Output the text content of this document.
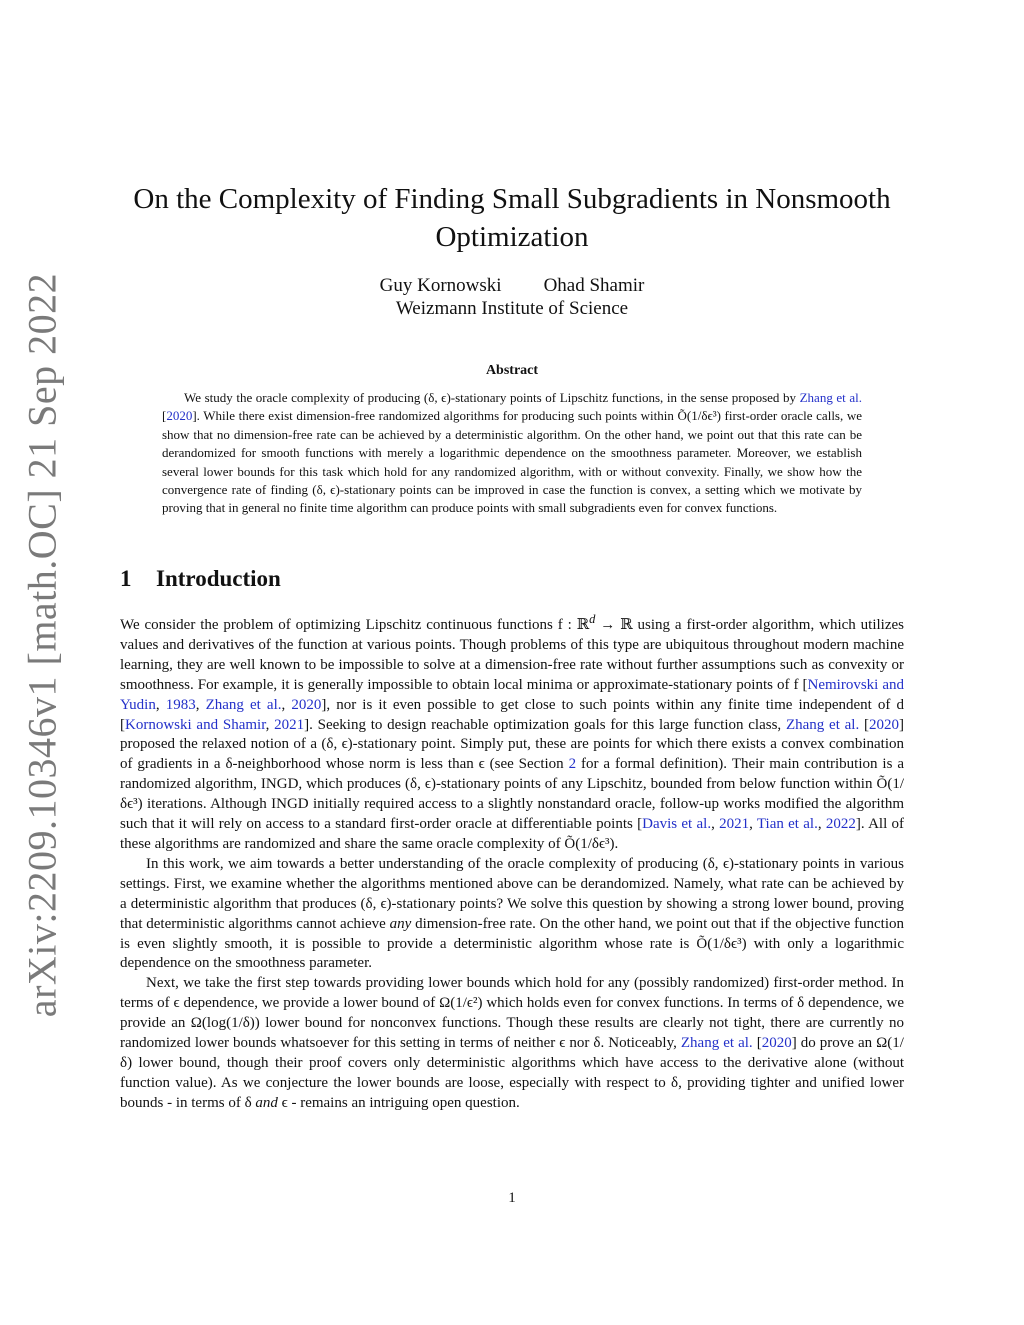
arXiv:2209.10346v1 [math.OC] 21 Sep 2022
On the Complexity of Finding Small Subgradients in Nonsmooth
Optimization
Guy Kornowski Ohad Shamir
Weizmann Institute of Science
Abstract
We study the oracle complexity of producing (δ, ϵ)-stationary points of Lipschitz functions, in the sense proposed by Zhang et al. [2020]. While there exist dimension-free randomized algorithms for producing such points within Õ(1/δϵ³) first-order oracle calls, we show that no dimension-free rate can be achieved by a deterministic algorithm. On the other hand, we point out that this rate can be derandomized for smooth functions with merely a logarithmic dependence on the smoothness parameter. Moreover, we establish several lower bounds for this task which hold for any randomized algorithm, with or without convexity. Finally, we show how the convergence rate of finding (δ, ϵ)-stationary points can be improved in case the function is convex, a setting which we motivate by proving that in general no finite time algorithm can produce points with small subgradients even for convex functions.
1 Introduction

We consider the problem of optimizing Lipschitz continuous functions f : ℝ$^d$ → ℝ using a first-order algorithm, which utilizes values and derivatives of the function at various points. Though problems of this type are ubiquitous throughout modern machine learning, they are well known to be impossible to solve at a dimension-free rate without further assumptions such as convexity or smoothness. For example, it is generally impossible to obtain local minima or approximate-stationary points of f [Nemirovski and Yudin, 1983, Zhang et al., 2020], nor is it even possible to get close to such points within any finite time independent of d [Kornowski and Shamir, 2021]. Seeking to design reachable optimization goals for this large function class, Zhang et al. [2020] proposed the relaxed notion of a (δ, ϵ)-stationary point. Simply put, these are points for which there exists a convex combination of gradients in a δ-neighborhood whose norm is less than ϵ (see Section 2 for a formal definition). Their main contribution is a randomized algorithm, INGD, which produces (δ, ϵ)-stationary points of any Lipschitz, bounded from below function within Õ(1/δϵ³) iterations. Although INGD initially required access to a slightly nonstandard oracle, follow-up works modified the algorithm such that it will rely on access to a standard first-order oracle at differentiable points [Davis et al., 2021, Tian et al., 2022]. All of these algorithms are randomized and share the same oracle complexity of Õ(1/δϵ³).

In this work, we aim towards a better understanding of the oracle complexity of producing (δ, ϵ)-stationary points in various settings. First, we examine whether the algorithms mentioned above can be derandomized. Namely, what rate can be achieved by a deterministic algorithm that produces (δ, ϵ)-stationary points? We solve this question by showing a strong lower bound, proving that deterministic algorithms cannot achieve any dimension-free rate. On the other hand, we point out that if the objective function is even slightly smooth, it is possible to provide a deterministic algorithm whose rate is Õ(1/δϵ³) with only a logarithmic dependence on the smoothness parameter.

Next, we take the first step towards providing lower bounds which hold for any (possibly randomized) first-order method. In terms of ϵ dependence, we provide a lower bound of Ω(1/ϵ²) which holds even for convex functions. In terms of δ dependence, we provide an Ω(log(1/δ)) lower bound for nonconvex functions. Though these results are clearly not tight, there are currently no randomized lower bounds whatsoever for this setting in terms of neither ϵ nor δ. Noticeably, Zhang et al. [2020] do prove an Ω(1/δ) lower bound, though their proof covers only deterministic algorithms which have access to the derivative alone (without function value). As we conjecture the lower bounds are loose, especially with respect to δ, providing tighter and unified lower bounds - in terms of δ and ϵ - remains an intriguing open question.

1
